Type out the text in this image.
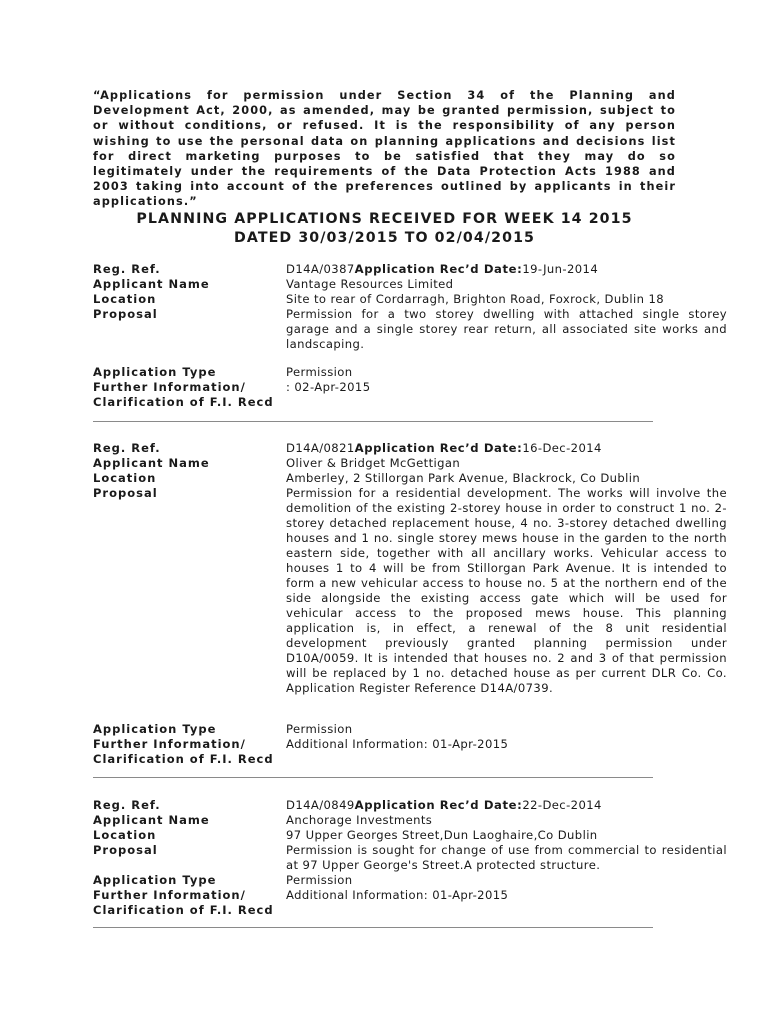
“Applications for permission under Section 34 of the Planning and Development Act, 2000, as amended, may be granted permission, subject to or without conditions, or refused. It is the responsibility of any person wishing to use the personal data on planning applications and decisions list for direct marketing purposes to be satisfied that they may do so legitimately under the requirements of the Data Protection Acts 1988 and 2003 taking into account of the preferences outlined by applicants in their applications.”
PLANNING APPLICATIONS RECEIVED FOR WEEK 14 2015
DATED 30/03/2015 TO 02/04/2015
Reg. Ref.	D14A/0387Application Rec’d Date:19-Jun-2014
Applicant Name	Vantage Resources Limited
Location	Site to rear of Cordarragh, Brighton Road, Foxrock, Dublin 18
Proposal	Permission for a two storey dwelling with attached single storey garage and a single storey rear return, all associated site works and landscaping.
Application Type	Permission
Further Information/	: 02-Apr-2015
Clarification of F.I. Recd
Reg. Ref.	D14A/0821Application Rec’d Date:16-Dec-2014
Applicant Name	Oliver & Bridget McGettigan
Location	Amberley, 2 Stillorgan Park Avenue, Blackrock, Co Dublin
Proposal	Permission for a residential development. The works will involve the demolition of the existing 2-storey house in order to construct 1 no. 2-storey detached replacement house, 4 no. 3-storey detached dwelling houses and 1 no. single storey mews house in the garden to the north eastern side, together with all ancillary works. Vehicular access to houses 1 to 4 will be from Stillorgan Park Avenue. It is intended to form a new vehicular access to house no. 5 at the northern end of the side alongside the existing access gate which will be used for vehicular access to the proposed mews house. This planning application is, in effect, a renewal of the 8 unit residential development previously granted planning permission under D10A/0059. It is intended that houses no. 2 and 3 of that permission will be replaced by 1 no. detached house as per current DLR Co. Co. Application Register Reference D14A/0739.
Application Type	Permission
Further Information/	Additional Information: 01-Apr-2015
Clarification of F.I. Recd
Reg. Ref.	D14A/0849Application Rec’d Date:22-Dec-2014
Applicant Name	Anchorage Investments
Location	97 Upper Georges Street,Dun Laoghaire,Co Dublin
Proposal	Permission is sought for change of use from commercial to residential at 97 Upper George's Street.A protected structure.
Application Type	Permission
Further Information/	Additional Information: 01-Apr-2015
Clarification of F.I. Recd
